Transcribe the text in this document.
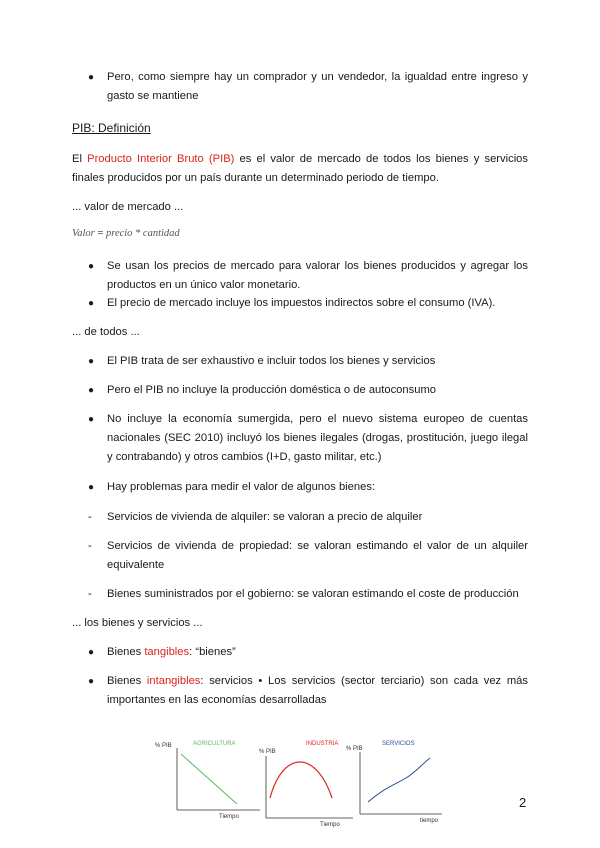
● Pero, como siempre hay un comprador y un vendedor, la igualdad entre ingreso y gasto se mantiene
PIB: Definición

El Producto Interior Bruto (PIB) es el valor de mercado de todos los bienes y servicios finales producidos por un país durante un determinado periodo de tiempo.

... valor de mercado ...
Valor = precio * cantidad
● Se usan los precios de mercado para valorar los bienes producidos y agregar los productos en un único valor monetario.
● El precio de mercado incluye los impuestos indirectos sobre el consumo (IVA).
... de todos ...
● El PIB trata de ser exhaustivo e incluir todos los bienes y servicios
● Pero el PIB no incluye la producción doméstica o de autoconsumo
● No incluye la economía sumergida, pero el nuevo sistema europeo de cuentas nacionales (SEC 2010) incluyó los bienes ilegales (drogas, prostitución, juego ilegal y contrabando) y otros cambios (I+D, gasto militar, etc.)
● Hay problemas para medir el valor de algunos bienes:
- Servicios de vivienda de alquiler: se valoran a precio de alquiler
- Servicios de vivienda de propiedad: se valoran estimando el valor de un alquiler equivalente
- Bienes suministrados por el gobierno: se valoran estimando el coste de producción
... los bienes y servicios ...
● Bienes tangibles: “bienes”
● Bienes intangibles: servicios • Los servicios (sector terciario) son cada vez más importantes en las economías desarrolladas
% PIB	AGRICULTURA
Tiempo
% PIB
INDUSTRIA
Tiempo
% PIB
SERVICIOS
tiempo
2
